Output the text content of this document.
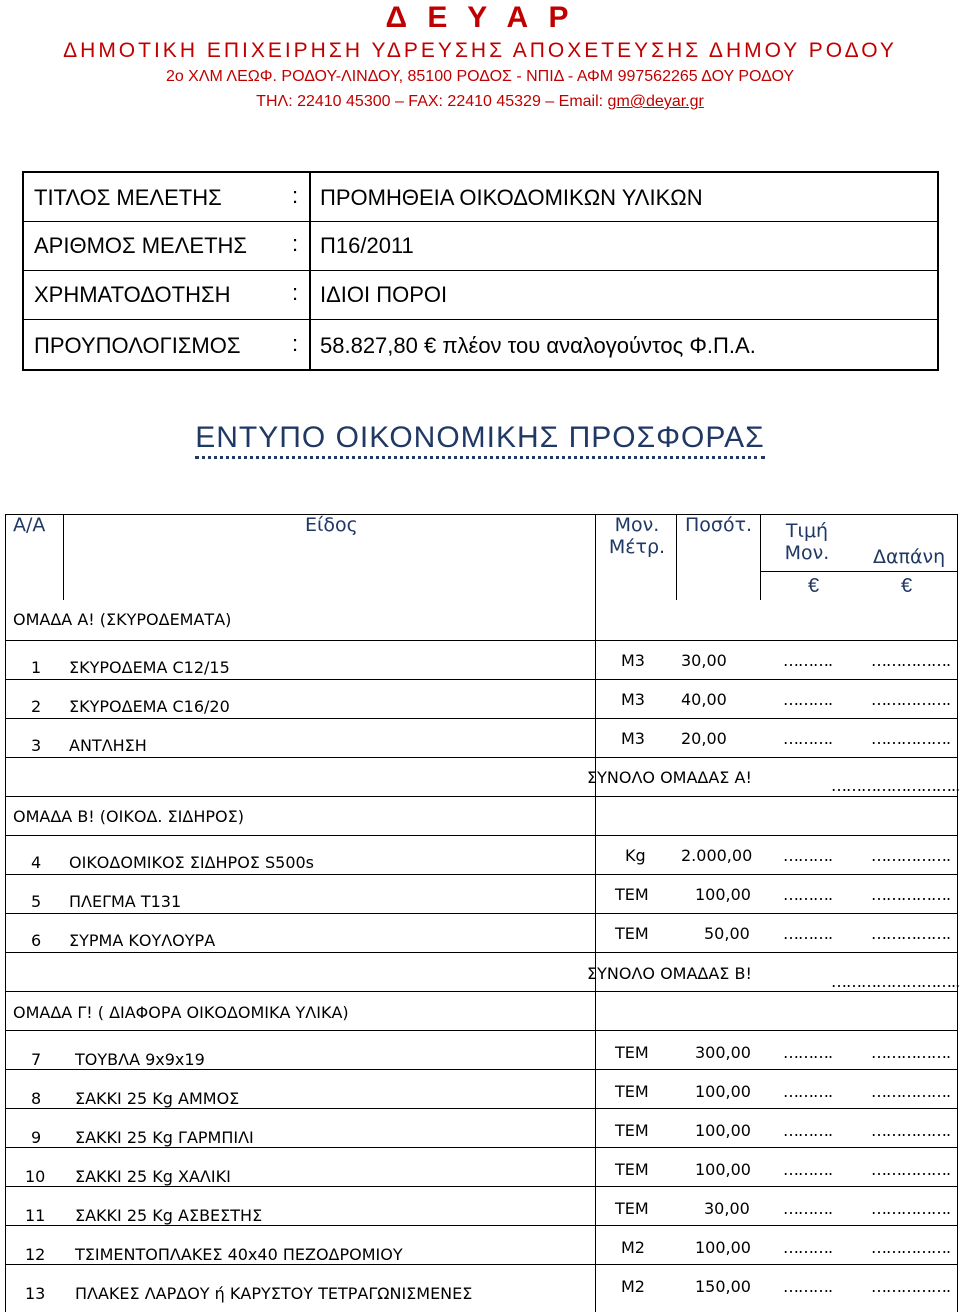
Δ Ε Υ Α Ρ
ΔΗΜΟΤΙΚΗ ΕΠΙΧΕΙΡΗΣΗ ΥΔΡΕΥΣΗΣ ΑΠΟΧΕΤΕΥΣΗΣ ΔΗΜΟΥ ΡΟΔΟΥ
2ο ΧΛΜ ΛΕΩΦ. ΡΟΔΟΥ-ΛΙΝΔΟΥ, 85100 ΡΟΔΟΣ - ΝΠΙΔ - ΑΦΜ 997562265 ΔΟΥ ΡΟΔΟΥ
ΤΗΛ: 22410 45300 – FAX: 22410 45329 – Email: gm@deyar.gr
ΤΙΤΛΟΣ ΜΕΛΕΤΗΣ	: ΠΡΟΜΗΘΕΙΑ ΟΙΚΟΔΟΜΙΚΩΝ ΥΛΙΚΩΝ
ΑΡΙΘΜΟΣ ΜΕΛΕΤΗΣ : Π16/2011
ΧΡΗΜΑΤΟΔΟΤΗΣΗ	: ΙΔΙΟΙ ΠΟΡΟΙ
ΠΡΟΥΠΟΛΟΓΙΣΜΟΣ : 58.827,80 € πλέον του αναλογούντος Φ.Π.Α.
ΕΝΤΥΠΟ ΟΙΚΟΝΟΜΙΚΗΣ ΠΡΟΣΦΟΡΑΣ
Α/Α	Είδος	Μον.
Μέτρ.
Ποσότ.	Τιμή
Μον.	Δαπάνη
€	€
ΟΜΑΔΑ Α! (ΣΚΥΡΟΔΕΜΑΤΑ)
1 ΣΚΥΡΟΔΕΜΑ C12/15	Μ3 30,00	………. …………….
2 ΣΚΥΡΟΔΕΜΑ C16/20	Μ3 40,00	………. …………….
3 ΑΝΤΛΗΣΗ	Μ3 20,00	………. …………….
ΣΥΝΟΛΟ ΟΜΑΔΑΣ Α!	……………………..
ΟΜΑΔΑ Β! (ΟΙΚΟΔ. ΣΙΔΗΡΟΣ)
4 ΟΙΚΟΔΟΜΙΚΟΣ ΣΙΔΗΡΟΣ S500s	Kg 2.000,00 ………. …………….
5 ΠΛΕΓΜΑ Τ131	ΤΕΜ	100,00 ………. …………….
6 ΣΥΡΜΑ ΚΟΥΛΟΥΡΑ	ΤΕΜ	50,00 ………. …………….
ΣΥΝΟΛΟ ΟΜΑΔΑΣ Β!	……………………..
ΟΜΑΔΑ Γ! ( ΔΙΑΦΟΡΑ ΟΙΚΟΔΟΜΙΚΑ ΥΛΙΚΑ)
7 ΤΟΥΒΛΑ 9x9x19	ΤΕΜ	300,00 ………. …………….
8 ΣΑΚΚΙ 25 Kg ΑΜΜΟΣ	ΤΕΜ	100,00 ………. …………….
9 ΣΑΚΚΙ 25 Kg ΓΑΡΜΠΙΛΙ	ΤΕΜ	100,00 ………. …………….
10 ΣΑΚΚΙ 25 Kg ΧΑΛΙΚΙ	ΤΕΜ	100,00 ………. …………….
11 ΣΑΚΚΙ 25 Kg ΑΣΒΕΣΤΗΣ	ΤΕΜ	30,00 ………. …………….
12 ΤΣΙΜΕΝΤΟΠΛΑΚΕΣ 40x40 ΠΕΖΟΔΡΟΜΙΟΥ	Μ2	100,00 ………. …………….
13 ΠΛΑΚΕΣ ΛΑΡΔΟΥ ή ΚΑΡΥΣΤΟΥ ΤΕΤΡΑΓΩΝΙΣΜΕΝΕΣ	Μ2	150,00 ………. …………….
